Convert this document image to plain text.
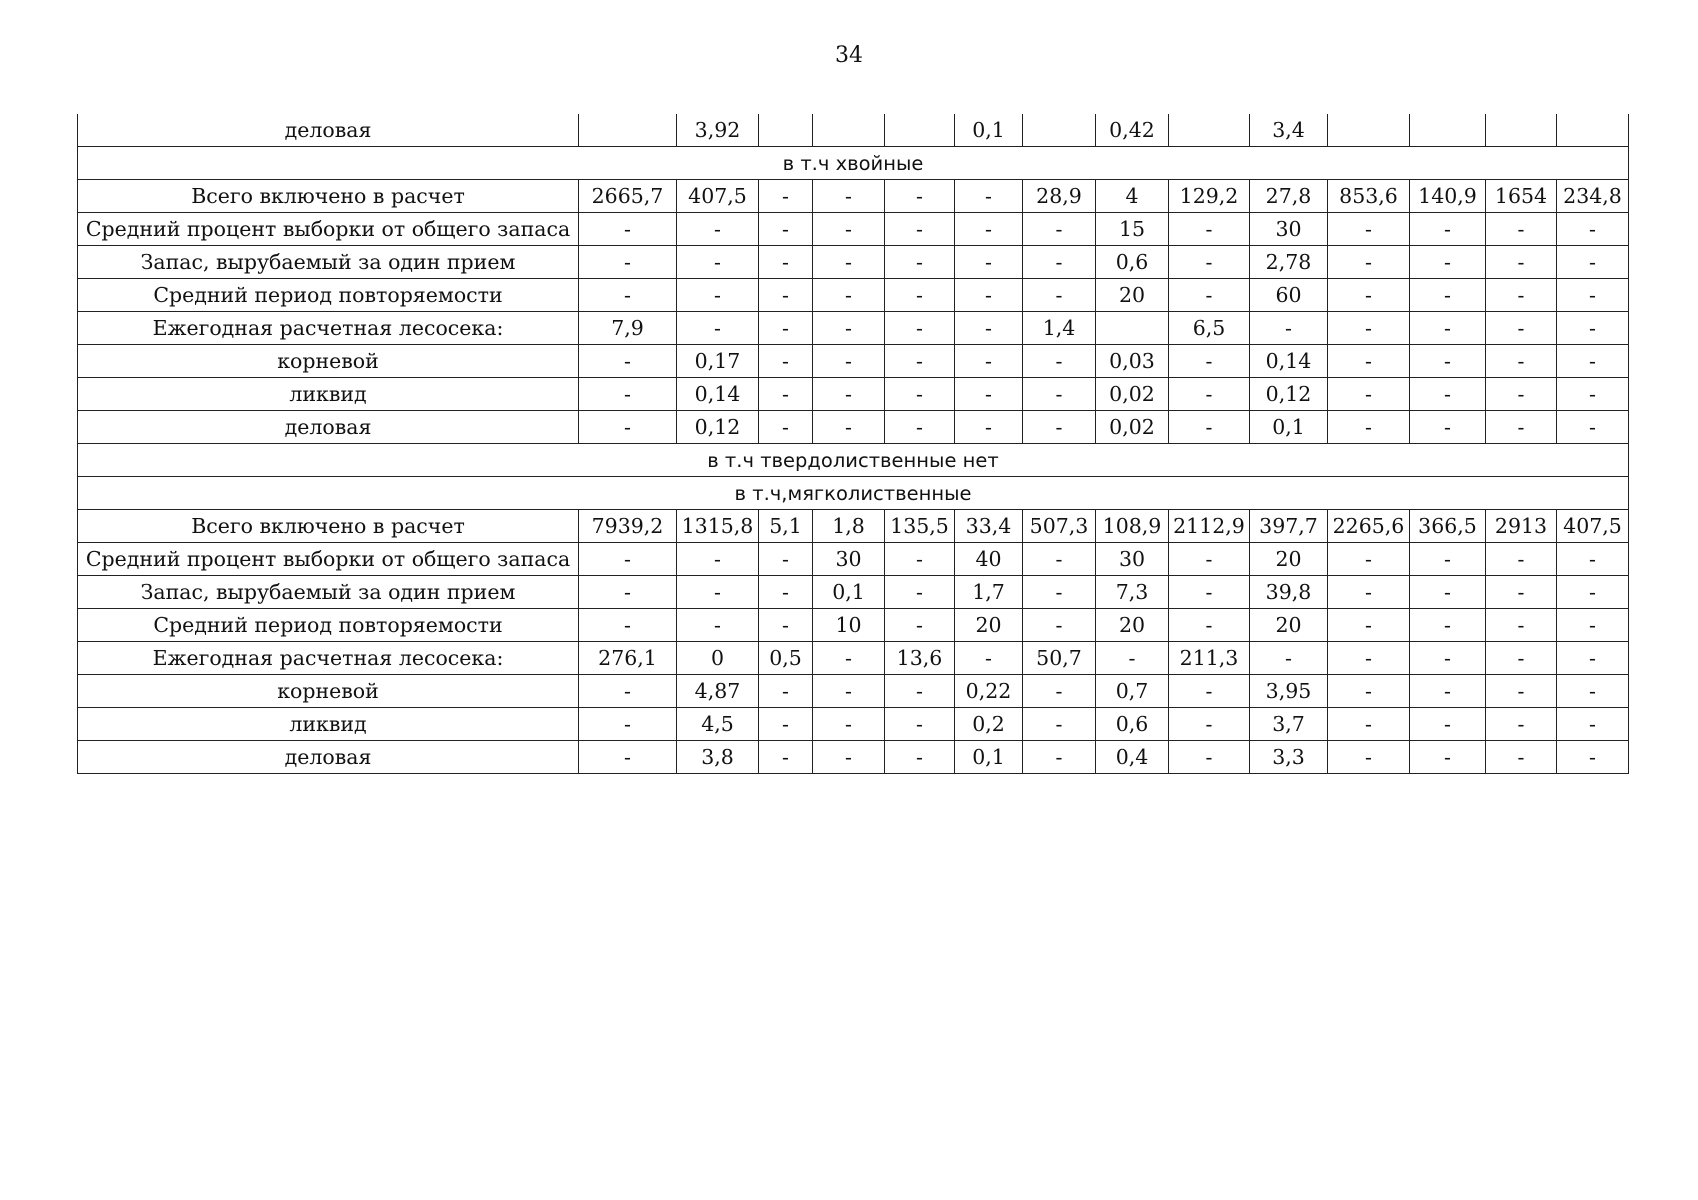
34
деловая		3,92				0,1		0,42		3,4				
в т.ч хвойные														
Всего включено в расчет	2665,7	407,5	-	-	-	-	28,9	4	129,2	27,8	853,6	140,9	1654	234,8
Средний процент выборки от общего запаса	-	-	-	-	-	-	-	15	-	30	-	-	-	-
Запас, вырубаемый за один прием	-	-	-	-	-	-	-	0,6	-	2,78	-	-	-	-
Средний период повторяемости	-	-	-	-	-	-	-	20	-	60	-	-	-	-
Ежегодная расчетная лесосека:	7,9	-	-	-	-	-	1,4		6,5	-	-	-	-	-
корневой	-	0,17	-	-	-	-	-	0,03	-	0,14	-	-	-	-
ликвид	-	0,14	-	-	-	-	-	0,02	-	0,12	-	-	-	-
деловая	-	0,12	-	-	-	-	-	0,02	-	0,1	-	-	-	-
в т.ч твердолиственные нет														
в т.ч,мягколиственные														
Всего включено в расчет	7939,2	1315,8	5,1	1,8	135,5	33,4	507,3	108,9	2112,9	397,7	2265,6	366,5	2913	407,5
Средний процент выборки от общего запаса	-	-	-	30	-	40	-	30	-	20	-	-	-	-
Запас, вырубаемый за один прием	-	-	-	0,1	-	1,7	-	7,3	-	39,8	-	-	-	-
Средний период повторяемости	-	-	-	10	-	20	-	20	-	20	-	-	-	-
Ежегодная расчетная лесосека:	276,1	0	0,5	-	13,6	-	50,7	-	211,3	-	-	-	-	-
корневой	-	4,87	-	-	-	0,22	-	0,7	-	3,95	-	-	-	-
ликвид	-	4,5	-	-	-	0,2	-	0,6	-	3,7	-	-	-	-
деловая	-	3,8	-	-	-	0,1	-	0,4	-	3,3	-	-	-	-
